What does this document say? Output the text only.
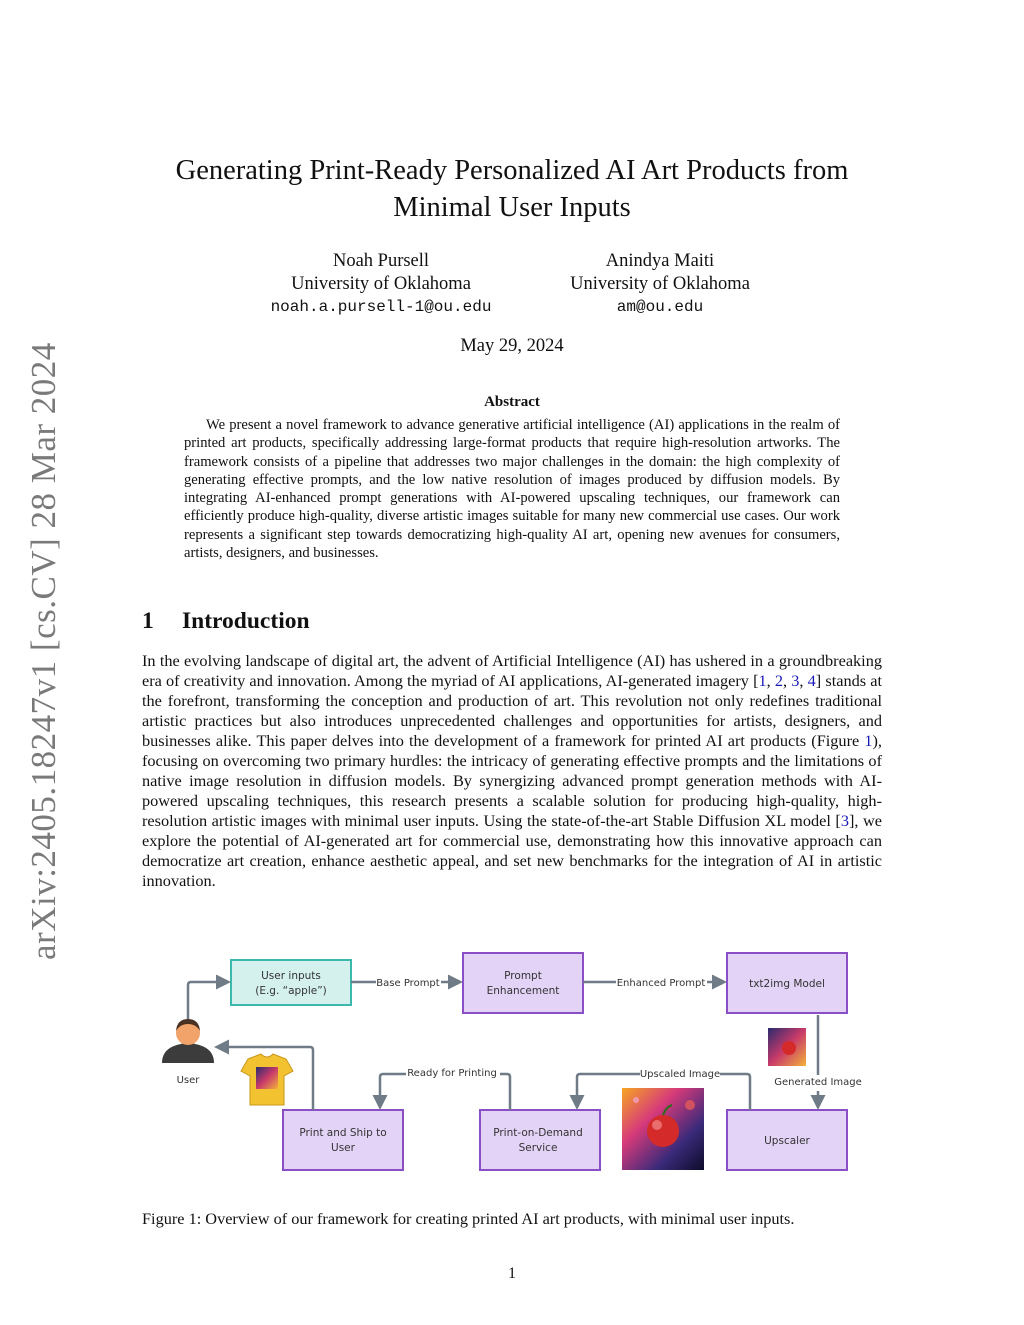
arXiv:2405.18247v1 [cs.CV] 28 Mar 2024
Generating Print-Ready Personalized AI Art Products from
Minimal User Inputs
Noah Pursell
University of Oklahoma
noah.a.pursell-1@ou.edu
Anindya Maiti
University of Oklahoma
am@ou.edu
May 29, 2024
Abstract
We present a novel framework to advance generative artificial intelligence (AI) applications in the realm of printed art products, specifically addressing large-format products that require high-resolution artworks. The framework consists of a pipeline that addresses two major challenges in the domain: the high complexity of generating effective prompts, and the low native resolution of images produced by diffusion models. By integrating AI-enhanced prompt generations with AI-powered upscaling techniques, our framework can efficiently produce high-quality, diverse artistic images suitable for many new commercial use cases. Our work represents a significant step towards democratizing high-quality AI art, opening new avenues for consumers, artists, designers, and businesses.
1 Introduction
In the evolving landscape of digital art, the advent of Artificial Intelligence (AI) has ushered in a groundbreaking era of creativity and innovation. Among the myriad of AI applications, AI-generated imagery [1, 2, 3, 4] stands at the forefront, transforming the conception and production of art. This revolution not only redefines traditional artistic practices but also introduces unprecedented challenges and opportunities for artists, designers, and businesses alike. This paper delves into the development of a framework for printed AI art products (Figure 1), focusing on overcoming two primary hurdles: the intricacy of generating effective prompts and the limitations of native image resolution in diffusion models. By synergizing advanced prompt generation methods with AI-powered upscaling techniques, this research presents a scalable solution for producing high-quality, high-resolution artistic images with minimal user inputs. Using the state-of-the-art Stable Diffusion XL model [3], we explore the potential of AI-generated art for commercial use, demonstrating how this innovative approach can democratize art creation, enhance aesthetic appeal, and set new benchmarks for the integration of AI in artistic innovation.
User inputs
(E.g. “apple”)
Prompt
Enhancement
txt2img Model
Print and Ship to
User
Print-on-Demand
Service
Upscaler
Base Prompt	Enhanced Prompt
User	Generated Image
Upscaled Image
Ready for Printing
Figure 1: Overview of our framework for creating printed AI art products, with minimal user inputs.
1
